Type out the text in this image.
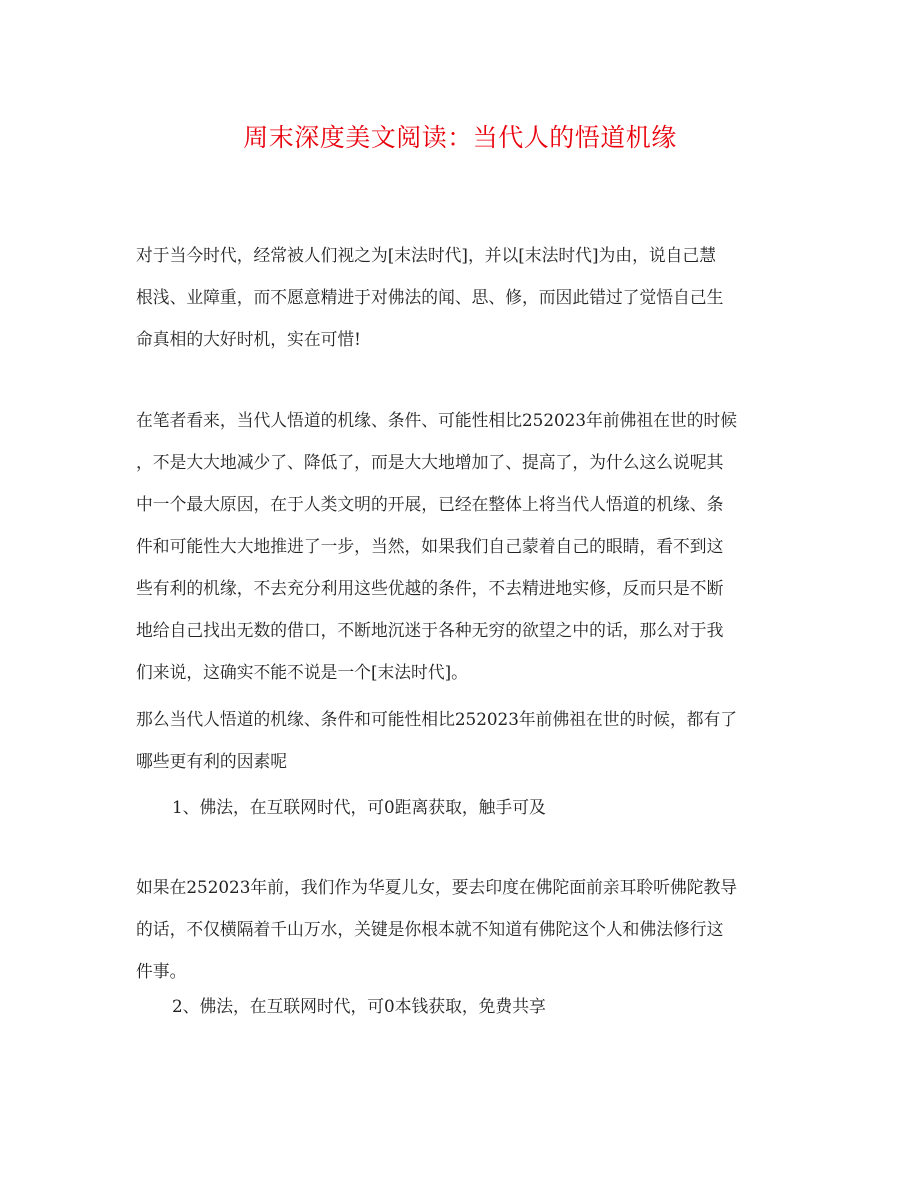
周末深度美文阅读：当代人的悟道机缘
对于当今时代，经常被人们视之为[末法时代]，并以[末法时代]为由，说自己慧
根浅、业障重，而不愿意精进于对佛法的闻、思、修，而因此错过了觉悟自己生
命真相的大好时机，实在可惜!
在笔者看来，当代人悟道的机缘、条件、可能性相比252023年前佛祖在世的时候
，不是大大地减少了、降低了，而是大大地增加了、提高了，为什么这么说呢其
中一个最大原因，在于人类文明的开展，已经在整体上将当代人悟道的机缘、条
件和可能性大大地推进了一步，当然，如果我们自己蒙着自己的眼睛，看不到这
些有利的机缘，不去充分利用这些优越的条件，不去精进地实修，反而只是不断
地给自己找出无数的借口，不断地沉迷于各种无穷的欲望之中的话，那么对于我
们来说，这确实不能不说是一个[末法时代]。
那么当代人悟道的机缘、条件和可能性相比252023年前佛祖在世的时候，都有了
哪些更有利的因素呢
1、佛法，在互联网时代，可0距离获取，触手可及
如果在252023年前，我们作为华夏儿女，要去印度在佛陀面前亲耳聆听佛陀教导
的话，不仅横隔着千山万水，关键是你根本就不知道有佛陀这个人和佛法修行这
件事。
2、佛法，在互联网时代，可0本钱获取，免费共享
